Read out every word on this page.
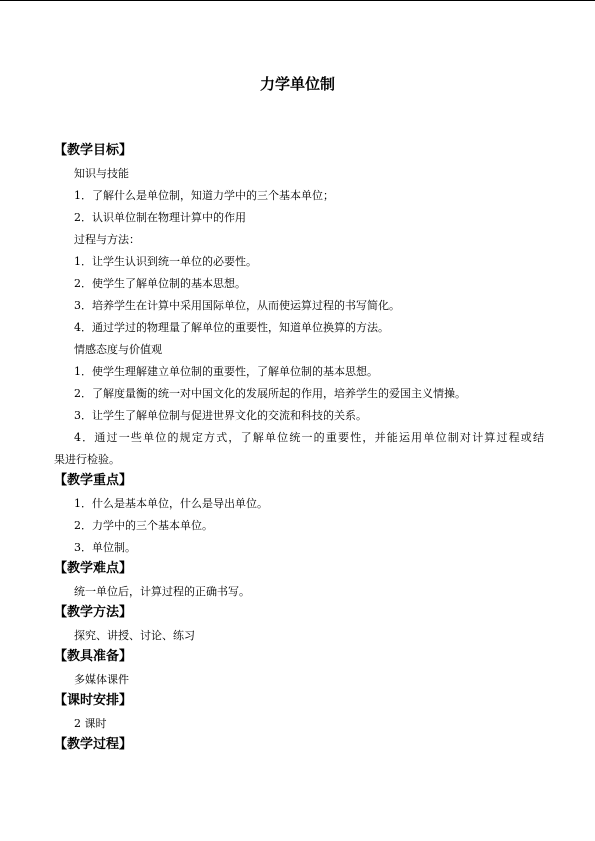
力学单位制
【教学目标】
知识与技能
1．了解什么是单位制，知道力学中的三个基本单位；
2．认识单位制在物理计算中的作用
过程与方法：
1．让学生认识到统一单位的必要性。
2．使学生了解单位制的基本思想。
3．培养学生在计算中采用国际单位，从而使运算过程的书写简化。
4．通过学过的物理量了解单位的重要性，知道单位换算的方法。
情感态度与价值观
1．使学生理解建立单位制的重要性，了解单位制的基本思想。
2．了解度量衡的统一对中国文化的发展所起的作用，培养学生的爱国主义情操。
3．让学生了解单位制与促进世界文化的交流和科技的关系。
4．通过一些单位的规定方式，了解单位统一的重要性，并能运用单位制对计算过程或结
果进行检验。
【教学重点】
1．什么是基本单位，什么是导出单位。
2．力学中的三个基本单位。
3．单位制。
【教学难点】
统一单位后，计算过程的正确书写。
【教学方法】
探究、讲授、讨论、练习
【教具准备】
多媒体课件
【课时安排】
2 课时
【教学过程】
